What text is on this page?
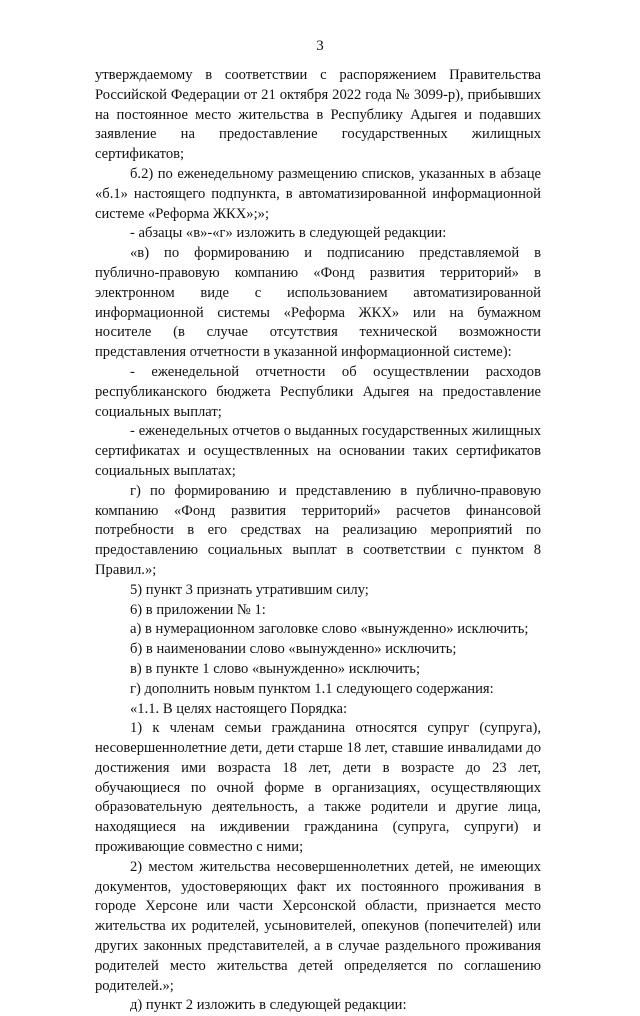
3

утверждаемому в соответствии с распоряжением Правительства Российской Федерации от 21 октября 2022 года № 3099-р), прибывших на постоянное место жительства в Республику Адыгея и подавших заявление на предоставление государственных жилищных сертификатов;

б.2) по еженедельному размещению списков, указанных в абзаце «б.1» настоящего подпункта, в автоматизированной информационной системе «Реформа ЖКХ»;»;

- абзацы «в»-«г» изложить в следующей редакции:

«в) по формированию и подписанию представляемой в публично-правовую компанию «Фонд развития территорий» в электронном виде с использованием автоматизированной информационной системы «Реформа ЖКХ» или на бумажном носителе (в случае отсутствия технической возможности представления отчетности в указанной информационной системе):

- еженедельной отчетности об осуществлении расходов республиканского бюджета Республики Адыгея на предоставление социальных выплат;

- еженедельных отчетов о выданных государственных жилищных сертификатах и осуществленных на основании таких сертификатов социальных выплатах;

г) по формированию и представлению в публично-правовую компанию «Фонд развития территорий» расчетов финансовой потребности в его средствах на реализацию мероприятий по предоставлению социальных выплат в соответствии с пунктом 8 Правил.»;

5) пункт 3 признать утратившим силу;

6) в приложении № 1:

а) в нумерационном заголовке слово «вынужденно» исключить;

б) в наименовании слово «вынужденно» исключить;

в) в пункте 1 слово «вынужденно» исключить;

г) дополнить новым пунктом 1.1 следующего содержания:

«1.1. В целях настоящего Порядка:

1) к членам семьи гражданина относятся супруг (супруга), несовершеннолетние дети, дети старше 18 лет, ставшие инвалидами до достижения ими возраста 18 лет, дети в возрасте до 23 лет, обучающиеся по очной форме в организациях, осуществляющих образовательную деятельность, а также родители и другие лица, находящиеся на иждивении гражданина (супруга, супруги) и проживающие совместно с ними;

2) местом жительства несовершеннолетних детей, не имеющих документов, удостоверяющих факт их постоянного проживания в городе Херсоне или части Херсонской области, признается место жительства их родителей, усыновителей, опекунов (попечителей) или других законных представителей, а в случае раздельного проживания родителей место жительства детей определяется по соглашению родителей.»;

д) пункт 2 изложить в следующей редакции:
